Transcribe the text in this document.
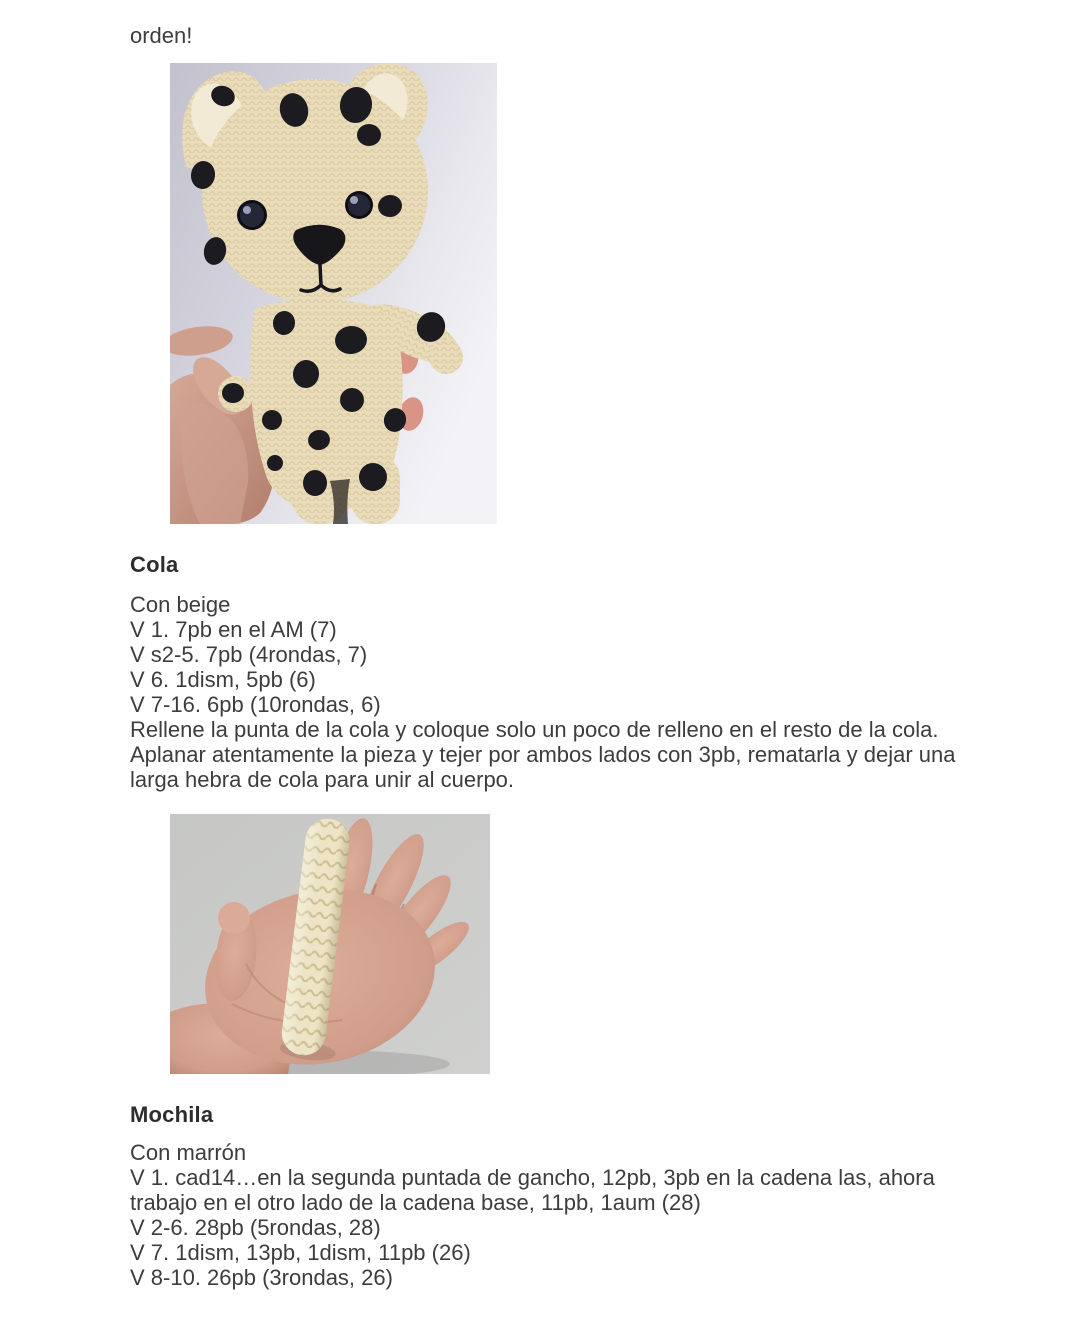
orden!
Cola
Con beige
V 1. 7pb en el AM (7)
V s2-5. 7pb (4rondas, 7)
V 6. 1dism, 5pb (6)
V 7-16. 6pb (10rondas, 6)
Rellene la punta de la cola y coloque solo un poco de relleno en el resto de la cola.
Aplanar atentamente la pieza y tejer por ambos lados con 3pb, rematarla y dejar una
larga hebra de cola para unir al cuerpo.
Mochila
Con marrón
V 1. cad14…en la segunda puntada de gancho, 12pb, 3pb en la cadena las, ahora
trabajo en el otro lado de la cadena base, 11pb, 1aum (28)
V 2-6. 28pb (5rondas, 28)
V 7. 1dism, 13pb, 1dism, 11pb (26)
V 8-10. 26pb (3rondas, 26)
